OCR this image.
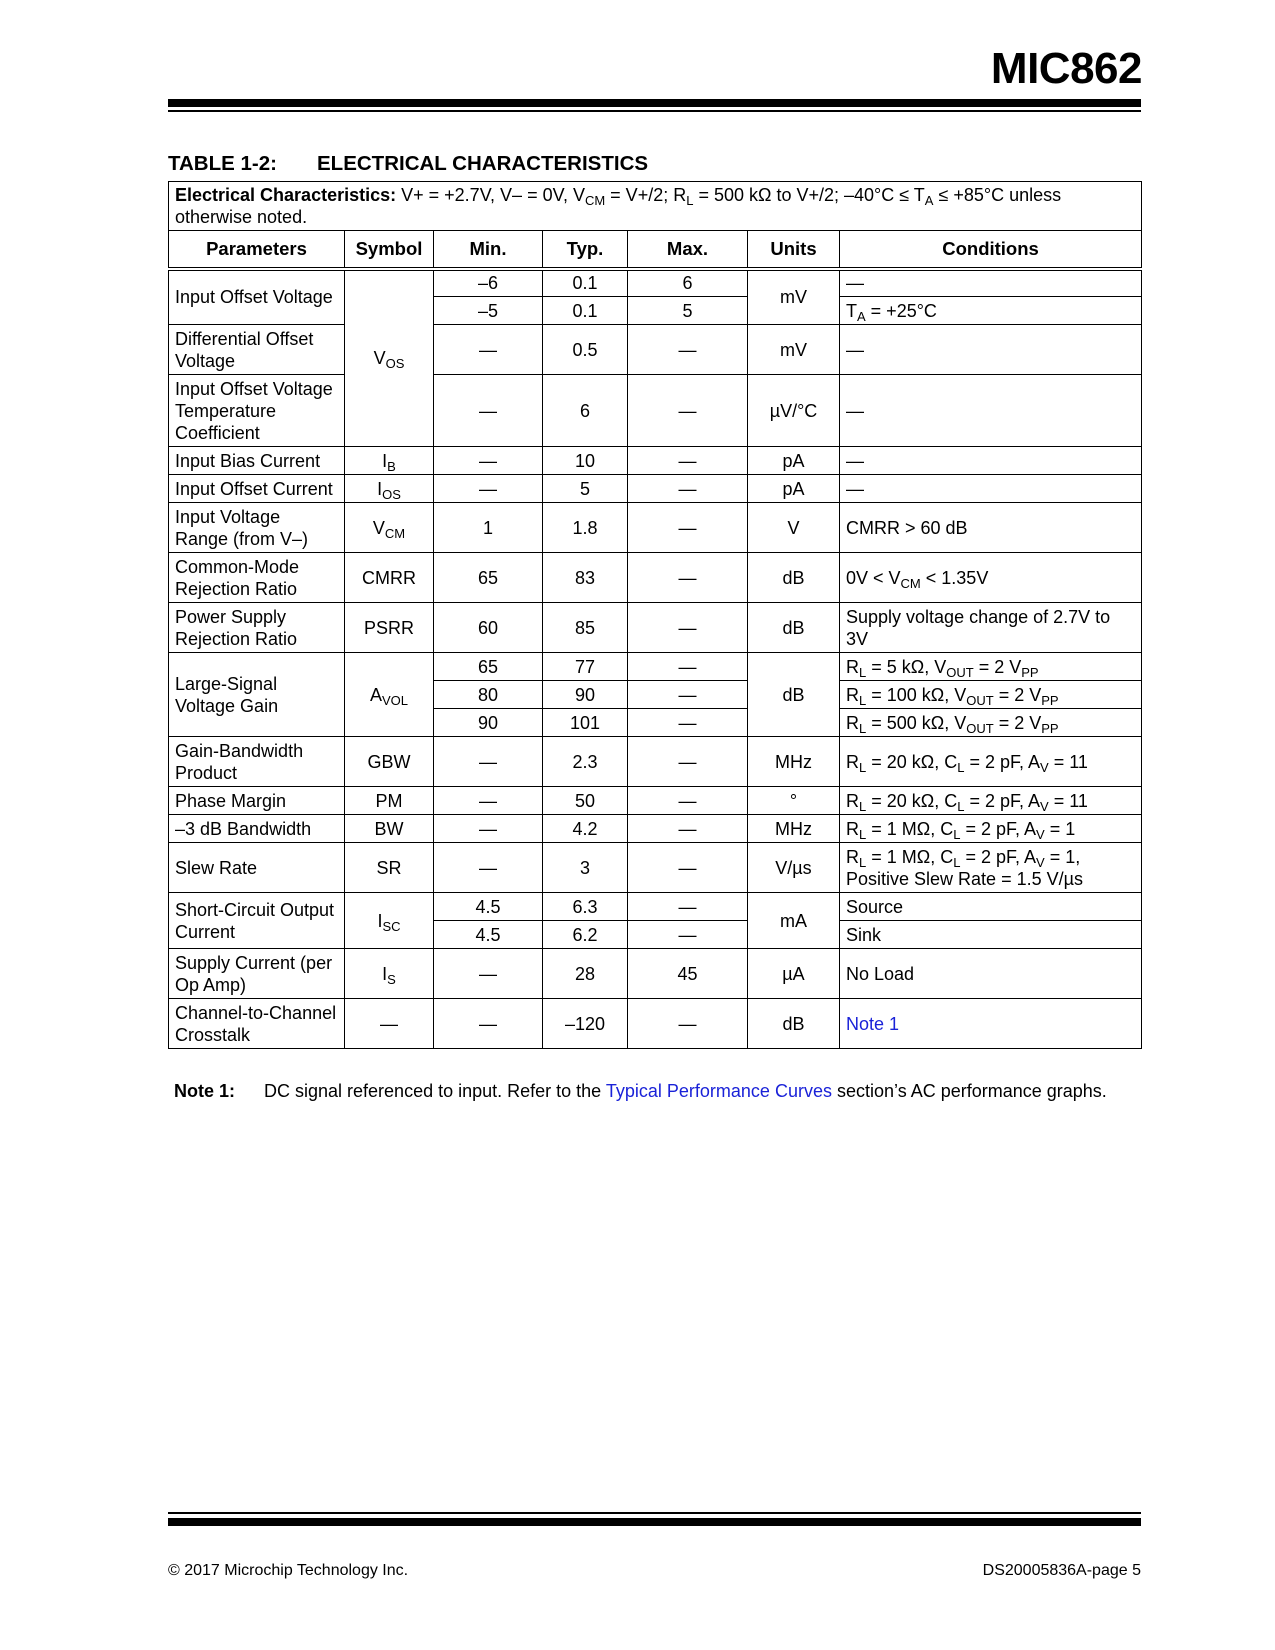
MIC862
TABLE 1-2: ELECTRICAL CHARACTERISTICS
Electrical Characteristics: V+ = +2.7V, V– = 0V, $V_{CM} = V+/2$; $R_L = 500$ kΩ to V+/2; $-40^\circ C \le T_A \le +85^\circ C$ unless otherwise noted.						
Parameters	Symbol	Min.	Typ.	Max.	Units	Conditions
Input Offset Voltage	$V_{OS}$	–6	0.1	6	mV	—
		–5	0.1	5		$T_A = +25^\circ C$
Differential Offset Voltage		—	0.5	—	mV	—
Input Offset Voltage Temperature Coefficient		—	6	—	µV/°C	—
Input Bias Current	$I_B$	—	10	—	pA	—
Input Offset Current	$I_{OS}$	—	5	—	pA	—
Input Voltage Range (from V–)	$V_{CM}$	1	1.8	—	V	CMRR > 60 dB
Common-Mode Rejection Ratio	CMRR	65	83	—	dB	$0V < V_{CM} < 1.35V$
Power Supply Rejection Ratio	PSRR	60	85	—	dB	Supply voltage change of 2.7V to 3V
Large-Signal Voltage Gain	$A_{VOL}$	65	77	—	dB	$R_L = 5$ kΩ, $V_{OUT} = 2$ $V_{PP}$
		80	90	—		$R_L = 100$ kΩ, $V_{OUT} = 2$ $V_{PP}$
		90	101	—		$R_L = 500$ kΩ, $V_{OUT} = 2$ $V_{PP}$
Gain-Bandwidth Product	GBW	—	2.3	—	MHz	$R_L = 20$ kΩ, $C_L = 2$ pF, $A_V = 11$
Phase Margin	PM	—	50	—	°	$R_L = 20$ kΩ, $C_L = 2$ pF, $A_V = 11$
–3 dB Bandwidth	BW	—	4.2	—	MHz	$R_L = 1$ MΩ, $C_L = 2$ pF, $A_V = 1$
Slew Rate	SR	—	3	—	V/µs	$R_L = 1$ MΩ, $C_L = 2$ pF, $A_V = 1$,
Positive Slew Rate = 1.5 V/µs
Short-Circuit Output Current	$I_{SC}$	4.5	6.3	—	mA	Source
		4.5	6.2	—		Sink
Supply Current (per Op Amp)	$I_S$	—	28	45	µA	No Load
Channel-to-Channel Crosstalk	—	—	–120	—	dB	Note 1
Note 1: DC signal referenced to input. Refer to the Typical Performance Curves section’s AC performance graphs.
© 2017 Microchip Technology Inc.	DS20005836A-page 5
